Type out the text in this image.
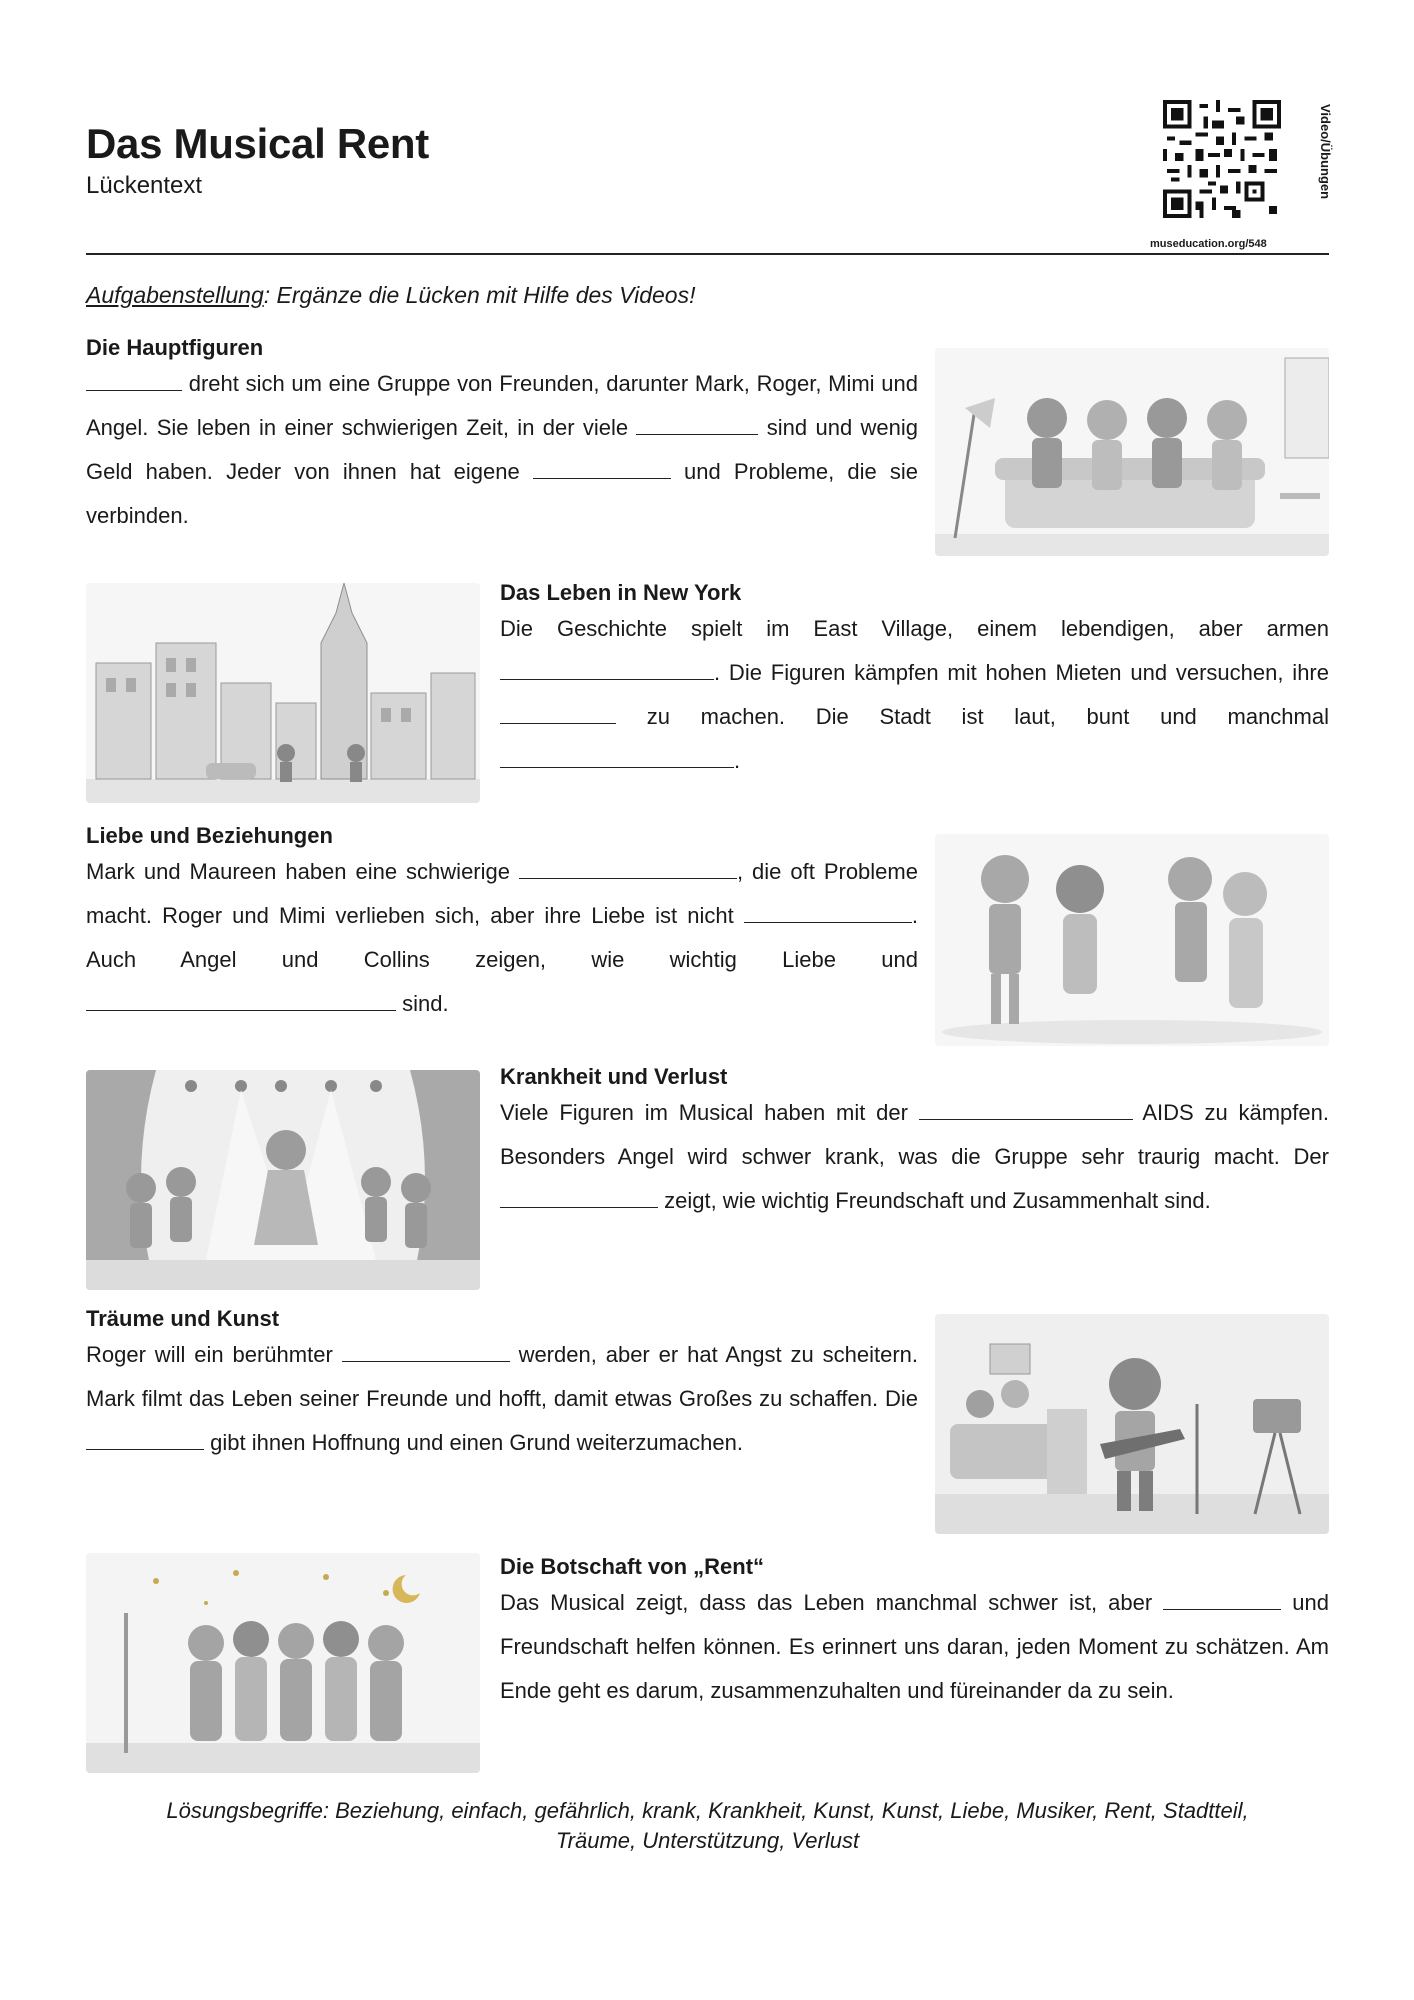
Das Musical Rent
Lückentext	Video/Übungen
museducation.org/548
Aufgabenstellung: Ergänze die Lücken mit Hilfe des Videos!
Die Hauptfiguren

dreht sich um eine Gruppe von Freunden, darunter Mark, Roger, Mimi und Angel. Sie leben in einer schwierigen Zeit, in der viele	sind und wenig Geld haben. Jeder von ihnen hat eigene	und Probleme, die sie verbinden.

Das Leben in New York

Die Geschichte spielt im East Village, einem lebendigen, aber armen . Die Figuren kämpfen mit hohen Mieten und versuchen, ihre  zu machen. Die Stadt ist laut, bunt und manchmal .

Liebe und Beziehungen

Mark und Maureen haben eine schwierige	, die oft Probleme macht. Roger und Mimi verlieben sich, aber ihre Liebe ist nicht	. Auch Angel und Collins zeigen, wie wichtig Liebe und  sind.

Krankheit und Verlust

Viele Figuren im Musical haben mit der	AIDS zu kämpfen. Besonders Angel wird schwer krank, was die Gruppe sehr traurig macht. Der  zeigt, wie wichtig Freundschaft und Zusammenhalt sind.

Träume und Kunst

Roger will ein berühmter	werden, aber er hat Angst zu scheitern. Mark filmt das Leben seiner Freunde und hofft, damit etwas Großes zu schaffen. Die  gibt ihnen Hoffnung und einen Grund weiterzumachen.

Die Botschaft von „Rent“

Das Musical zeigt, dass das Leben manchmal schwer ist, aber	und Freundschaft helfen können. Es erinnert uns daran, jeden Moment zu schätzen. Am Ende geht es darum, zusammenzuhalten und füreinander da zu sein.

Lösungsbegriffe: Beziehung, einfach, gefährlich, krank, Krankheit, Kunst, Kunst, Liebe, Musiker, Rent, Stadtteil,
Träume, Unterstützung, Verlust
